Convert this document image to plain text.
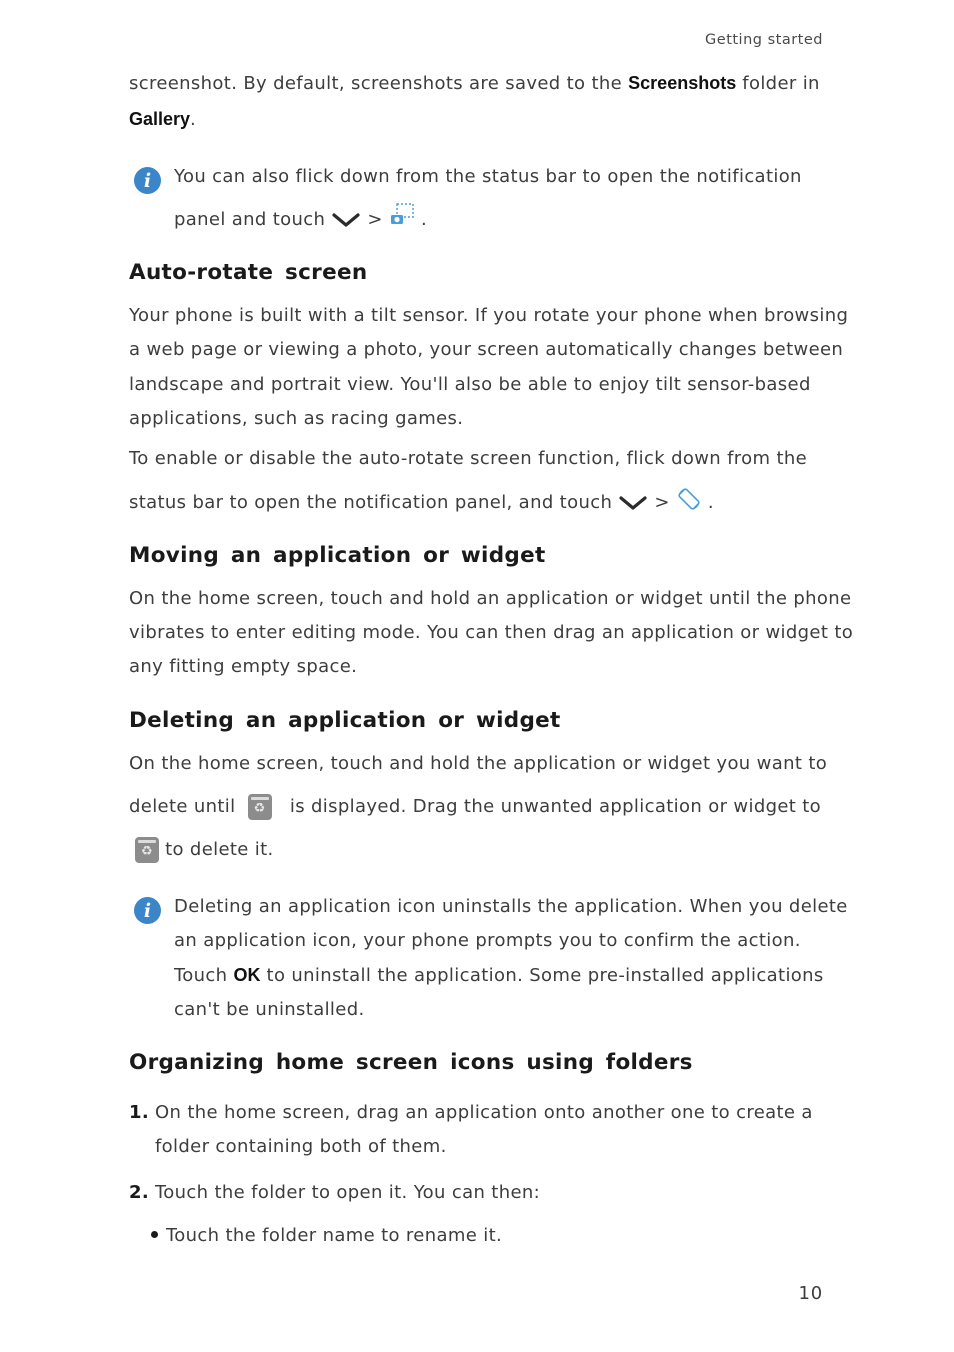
Getting started
screenshot. By default, screenshots are saved to the Screenshots folder in
Gallery.
i	You can also flick down from the status bar to open the notification
panel and touch  >  .
Auto-rotate screen
Your phone is built with a tilt sensor. If you rotate your phone when browsing
a web page or viewing a photo, your screen automatically changes between
landscape and portrait view. You'll also be able to enjoy tilt sensor-based
applications, such as racing games.
To enable or disable the auto-rotate screen function, flick down from the
status bar to open the notification panel, and touch  >  .
Moving an application or widget
On the home screen, touch and hold an application or widget until the phone
vibrates to enter editing mode. You can then drag an application or widget to
any fitting empty space.
Deleting an application or widget
On the home screen, touch and hold the application or widget you want to
delete until  ♻   is displayed. Drag the unwanted application or widget to
♻ to delete it.
i	Deleting an application icon uninstalls the application. When you delete
an application icon, your phone prompts you to confirm the action.
Touch OK to uninstall the application. Some pre-installed applications
can't be uninstalled.
Organizing home screen icons using folders
1. On the home screen, drag an application onto another one to create a
folder containing both of them.
2. Touch the folder to open it. You can then:
Touch the folder name to rename it.
10
